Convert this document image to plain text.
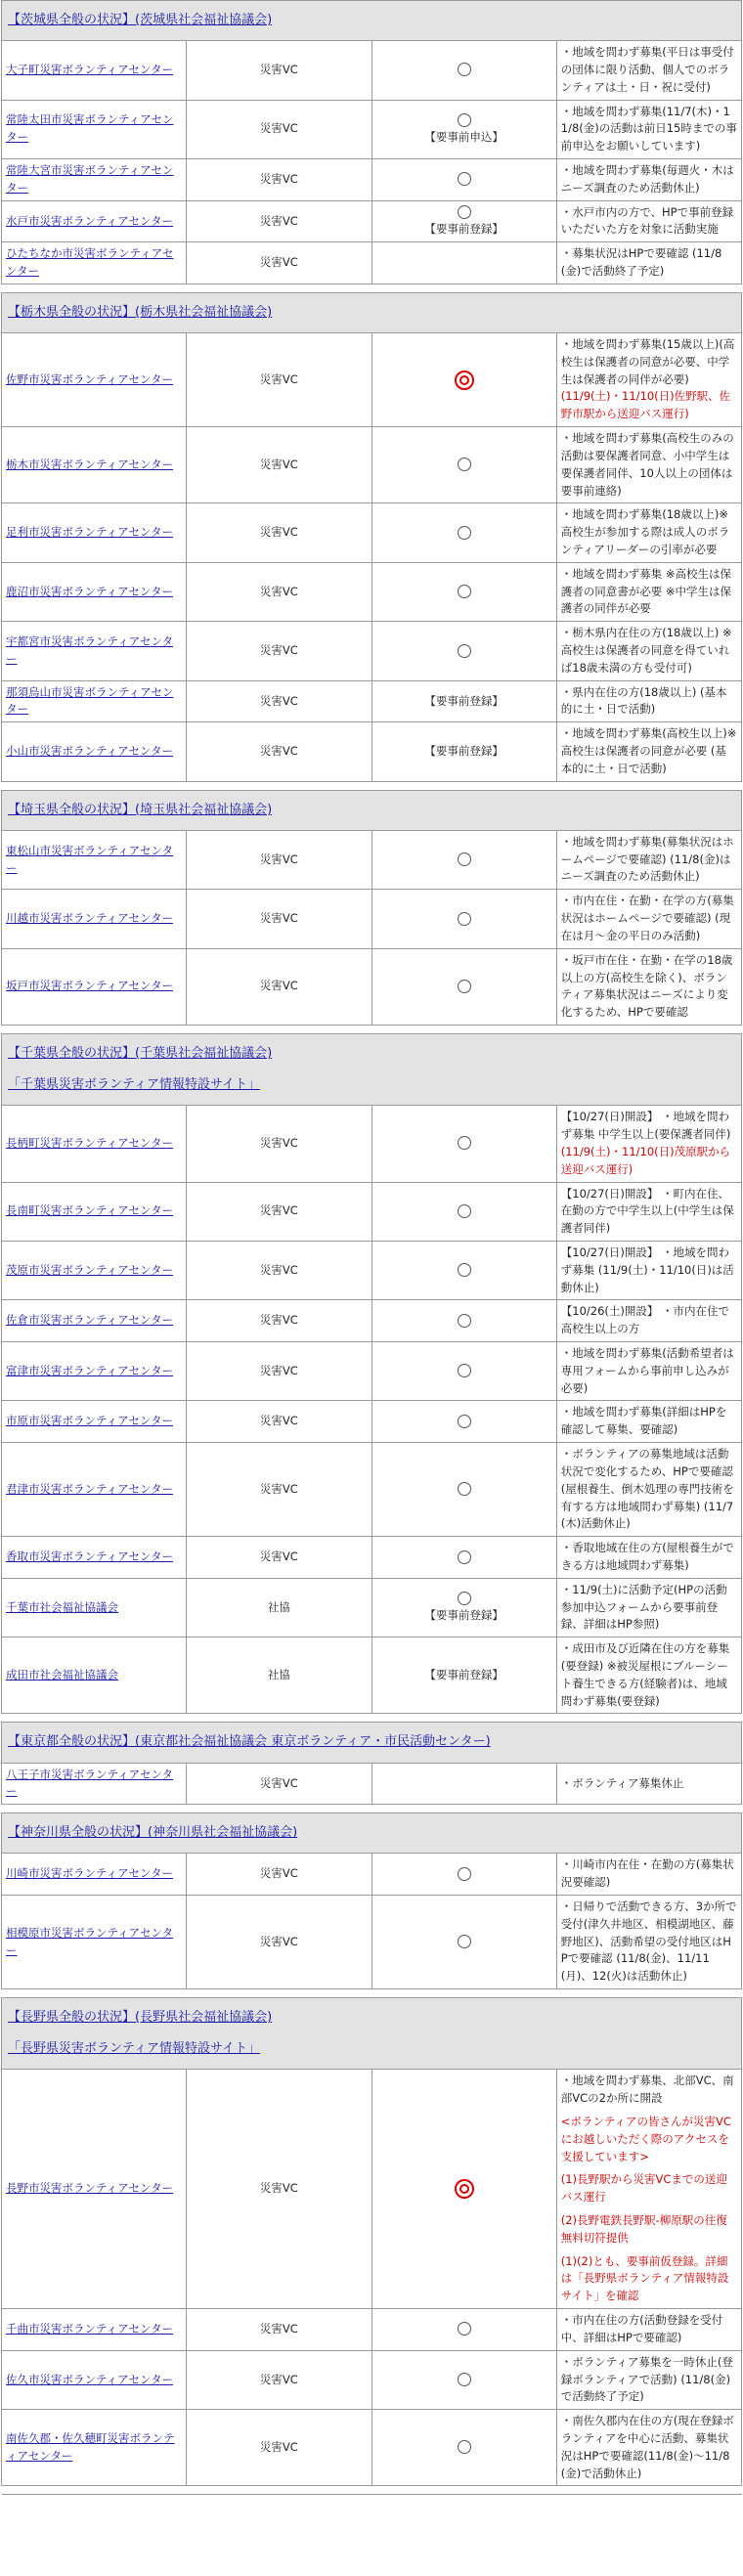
【茨城県全般の状況】(茨城県社会福祉協議会)			
大子町災害ボランティアセンター	災害VC		・地域を問わず募集(平日は事受付の団体に限り活動、個人でのボランティアは土・日・祝に受付)
常陸太田市災害ボランティアセンター	災害VC	【要事前申込】	・地域を問わず募集(11/7(木)・11/8(金)の活動は前日15時までの事前申込をお願いしています)
常陸大宮市災害ボランティアセンター	災害VC		・地域を問わず募集(毎週火・木はニーズ調査のため活動休止)
水戸市災害ボランティアセンター	災害VC	【要事前登録】	・水戸市内の方で、HPで事前登録いただいた方を対象に活動実施
ひたちなか市災害ボランティアセンター	災害VC		・募集状況はHPで要確認 (11/8(金)で活動終了予定)

【栃木県全般の状況】(栃木県社会福祉協議会)			
佐野市災害ボランティアセンター	災害VC		・地域を問わず募集(15歳以上)(高校生は保護者の同意が必要、中学生は保護者の同伴が必要)
(11/9(土)・11/10(日)佐野駅、佐野市駅から送迎バス運行)
栃木市災害ボランティアセンター	災害VC		・地域を問わず募集(高校生のみの活動は要保護者同意、小中学生は要保護者同伴、10人以上の団体は要事前連絡)
足利市災害ボランティアセンター	災害VC		・地域を問わず募集(18歳以上)※高校生が参加する際は成人のボランティアリーダーの引率が必要
鹿沼市災害ボランティアセンター	災害VC		・地域を問わず募集 ※高校生は保護者の同意書が必要 ※中学生は保護者の同伴が必要
宇都宮市災害ボランティアセンター	災害VC		・栃木県内在住の方(18歳以上) ※高校生は保護者の同意を得ていれば18歳未満の方も受付可)
那須烏山市災害ボランティアセンター	災害VC	【要事前登録】	・県内在住の方(18歳以上) (基本的に土・日で活動)
小山市災害ボランティアセンター	災害VC	【要事前登録】	・地域を問わず募集(高校生以上)※高校生は保護者の同意が必要 (基本的に土・日で活動)

【埼玉県全般の状況】(埼玉県社会福祉協議会)			
東松山市災害ボランティアセンター	災害VC		・地域を問わず募集(募集状況はホームページで要確認) (11/8(金)はニーズ調査のため活動休止)
川越市災害ボランティアセンター	災害VC		・市内在住・在勤・在学の方(募集状況はホームページで要確認) (現在は月〜金の平日のみ活動)
坂戸市災害ボランティアセンター	災害VC		・坂戸市在住・在勤・在学の18歳以上の方(高校生を除く)、ボランティア募集状況はニーズにより変化するため、HPで要確認

【千葉県全般の状況】(千葉県社会福祉協議会)
「千葉県災害ボランティア情報特設サイト」			

長柄町災害ボランティアセンター	災害VC		【10/27(日)開設】 ・地域を問わず募集 中学生以上(要保護者同伴)
(11/9(土)・11/10(日)茂原駅から送迎バス運行)
長南町災害ボランティアセンター	災害VC		【10/27(日)開設】 ・町内在住、在勤の方で中学生以上(中学生は保護者同伴)
茂原市災害ボランティアセンター	災害VC		【10/27(日)開設】 ・地域を問わず募集 (11/9(土)・11/10(日)は活動休止)
佐倉市災害ボランティアセンター	災害VC		【10/26(土)開設】 ・市内在住で 高校生以上の方
富津市災害ボランティアセンター	災害VC		・地域を問わず募集(活動希望者は専用フォームから事前申し込みが必要)
市原市災害ボランティアセンター	災害VC		・地域を問わず募集(詳細はHPを確認して募集、要確認)
君津市災害ボランティアセンター	災害VC		・ボランティアの募集地域は活動状況で変化するため、HPで要確認(屋根養生、倒木処理の専門技術を有する方は地域問わず募集) (11/7(木)活動休止)
香取市災害ボランティアセンター	災害VC		・香取地域在住の方(屋根養生ができる方は地域問わず募集)
千葉市社会福祉協議会	社協	【要事前登録】	・11/9(土)に活動予定(HPの活動参加申込フォームから要事前登録、詳細はHP参照)
成田市社会福祉協議会	社協	【要事前登録】	・成田市及び近隣在住の方を募集(要登録) ※被災屋根にブルーシート養生できる方(経験者)は、地域問わず募集(要登録)

【東京都全般の状況】(東京都社会福祉協議会 東京ボランティア・市民活動センター)			
八王子市災害ボランティアセンター	災害VC		・ボランティア募集休止

【神奈川県全般の状況】(神奈川県社会福祉協議会)			
川崎市災害ボランティアセンター	災害VC		・川崎市内在住・在勤の方(募集状況要確認)
相模原市災害ボランティアセンター	災害VC		・日帰りで活動できる方、3か所で受付(津久井地区、相模湖地区、藤野地区)、活動希望の受付地区はHPで要確認 (11/8(金)、11/11(月)、12(火)は活動休止)

【長野県全般の状況】(長野県社会福祉協議会)
「長野県災害ボランティア情報特設サイト」			

長野市災害ボランティアセンター	災害VC		・地域を問わず募集、北部VC、南部VCの2か所に開設
<ボランティアの皆さんが災害VCにお越しいただく際のアクセスを支援しています>
(1)長野駅から災害VCまでの送迎バス運行
(2)長野電鉄長野駅-柳原駅の往復無料切符提供
(1)(2)とも、要事前仮登録。詳細は「長野県ボランティア情報特設サイト」を確認

千曲市災害ボランティアセンター	災害VC		・市内在住の方(活動登録を受付中、詳細はHPで要確認)
佐久市災害ボランティアセンター	災害VC		・ボランティア募集を一時休止(登録ボランティアで活動) (11/8(金)で活動終了予定)
南佐久郡・佐久穂町災害ボランティアセンター	災害VC		・南佐久郡内在住の方(現在登録ボランティアを中心に活動、募集状況はHPで要確認(11/8(金)〜11/8(金)で活動休止)
